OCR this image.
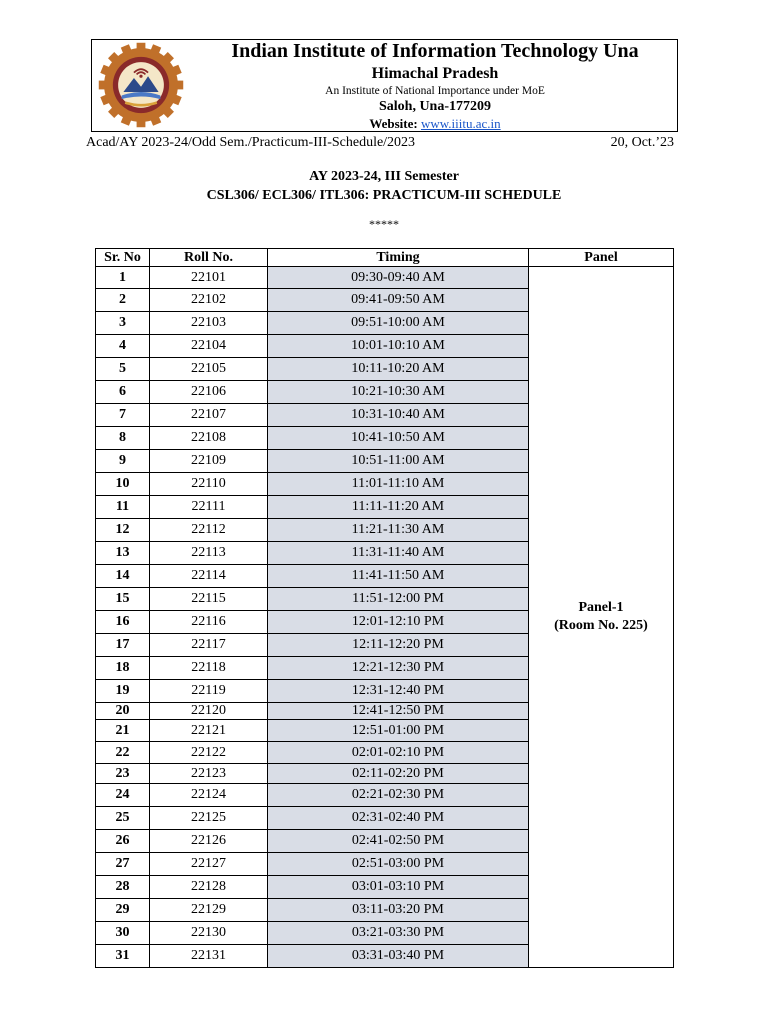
Indian Institute of Information Technology Una
Himachal Pradesh
An Institute of National Importance under MoE
Saloh, Una-177209
Website: www.iiitu.ac.in
Acad/AY 2023-24/Odd Sem./Practicum-III-Schedule/2023	20, Oct.’23
AY 2023-24, III Semester
CSL306/ ECL306/ ITL306: PRACTICUM-III SCHEDULE
*****
Sr. No	Roll No.	Timing	Panel
1	22101	09:30-09:40 AM	Panel-1
(Room No. 225)

2	22102	09:41-09:50 AM	
3	22103	09:51-10:00 AM	
4	22104	10:01-10:10 AM	
5	22105	10:11-10:20 AM	
6	22106	10:21-10:30 AM	
7	22107	10:31-10:40 AM	
8	22108	10:41-10:50 AM	
9	22109	10:51-11:00 AM	
10	22110	11:01-11:10 AM	
11	22111	11:11-11:20 AM	
12	22112	11:21-11:30 AM	
13	22113	11:31-11:40 AM	
14	22114	11:41-11:50 AM	
15	22115	11:51-12:00 PM	
16	22116	12:01-12:10 PM	
17	22117	12:11-12:20 PM	
18	22118	12:21-12:30 PM	
19	22119	12:31-12:40 PM	
20	22120	12:41-12:50 PM	
21	22121	12:51-01:00 PM	
22	22122	02:01-02:10 PM	
23	22123	02:11-02:20 PM	
24	22124	02:21-02:30 PM	
25	22125	02:31-02:40 PM	
26	22126	02:41-02:50 PM	
27	22127	02:51-03:00 PM	
28	22128	03:01-03:10 PM	
29	22129	03:11-03:20 PM	
30	22130	03:21-03:30 PM	
31	22131	03:31-03:40 PM	
